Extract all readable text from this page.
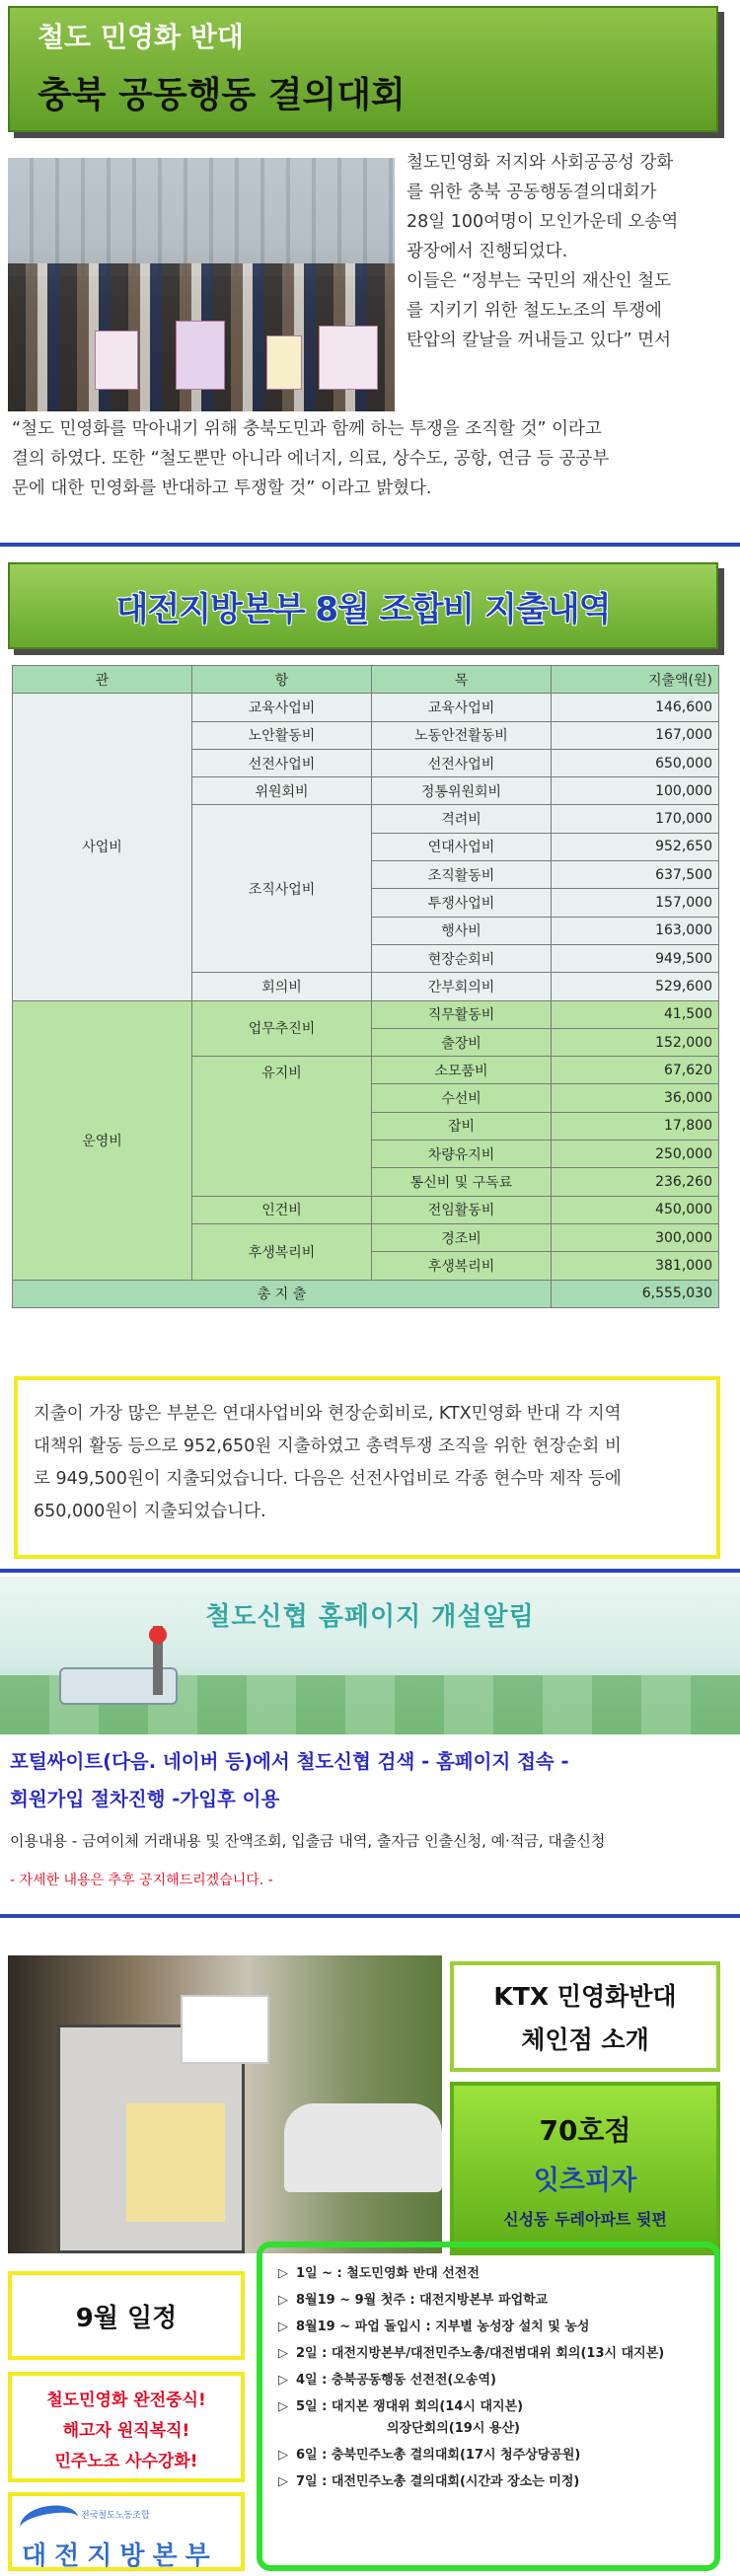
철도 민영화 반대
충북 공동행동 결의대회
철도민영화 저지와 사회공공성 강화
를 위한 충북 공동행동결의대회가
28일 100여명이 모인가운데 오송역
광장에서 진행되었다.
이들은 “정부는 국민의 재산인 철도
를 지키기 위한 철도노조의 투쟁에
탄압의 칼날을 꺼내들고 있다” 면서
“철도 민영화를 막아내기 위해 충북도민과 함께 하는 투쟁을 조직할 것” 이라고
결의 하였다. 또한 “철도뿐만 아니라 에너지, 의료, 상수도, 공항, 연금 등 공공부
문에 대한 민영화를 반대하고 투쟁할 것” 이라고 밝혔다.
대전지방본부 8월 조합비 지출내역
관	항	목	지출액(원)
사업비	교육사업비	교육사업비	146,600
	노안활동비	노동안전활동비	167,000
	선전사업비	선전사업비	650,000
	위원회비	정통위원회비	100,000
	조직사업비	격려비	170,000
		연대사업비	952,650
		조직활동비	637,500
		투쟁사업비	157,000
		행사비	163,000
		현장순회비	949,500
	회의비	간부회의비	529,600
운영비	업무추진비	직무활동비	41,500
		출장비	152,000
	유지비	소모품비	67,620
		수선비	36,000
		잡비	17,800
		차량유지비	250,000
		통신비 및 구독료	236,260
	인건비	전임활동비	450,000
	후생복리비	경조비	300,000
		후생복리비	381,000
총 지 출			6,555,030
지출이 가장 많은 부분은 연대사업비와 현장순회비로, KTX민영화 반대 각 지역
대책위 활동 등으로 952,650원 지출하였고 총력투쟁 조직을 위한 현장순회 비
로 949,500원이 지출되었습니다. 다음은 선전사업비로 각종 현수막 제작 등에
650,000원이 지출되었습니다.
철도신협 홈페이지 개설알림
포털싸이트(다음. 네이버 등)에서 철도신협 검색 - 홈페이지 접속 -
회원가입 절차진행 -가입후 이용
이용내용 - 금여이체 거래내용 및 잔액조회, 입출금 내역, 출자금 인출신청, 예·적금, 대출신청
- 자세한 내용은 추후 공지해드리겠습니다. -
KTX 민영화반대
체인점 소개
70호점
잇츠피자
신성동 두레아파트 뒷편
9월 일정
철도민영화 완전중식!
해고자 원직복직!
민주노조 사수강화!
전국철도노동조합
대전지방본부
▷ 1일 ~ : 철도민영화 반대 선전전
▷ 8월19 ~ 9월 첫주 : 대전지방본부 파업학교
▷ 8월19 ~ 파업 돌입시 : 지부별 농성장 설치 및 농성
▷ 2일 : 대전지방본부/대전민주노총/대전범대위 회의(13시 대지본)
▷ 4일 : 충북공동행동 선전전(오송역)
▷ 5일 : 대지본 쟁대위 회의(14시 대지본)
의장단회의(19시 용산)
▷ 6일 : 충북민주노총 결의대회(17시 청주상당공원)
▷ 7일 : 대전민주노총 결의대회(시간과 장소는 미정)
